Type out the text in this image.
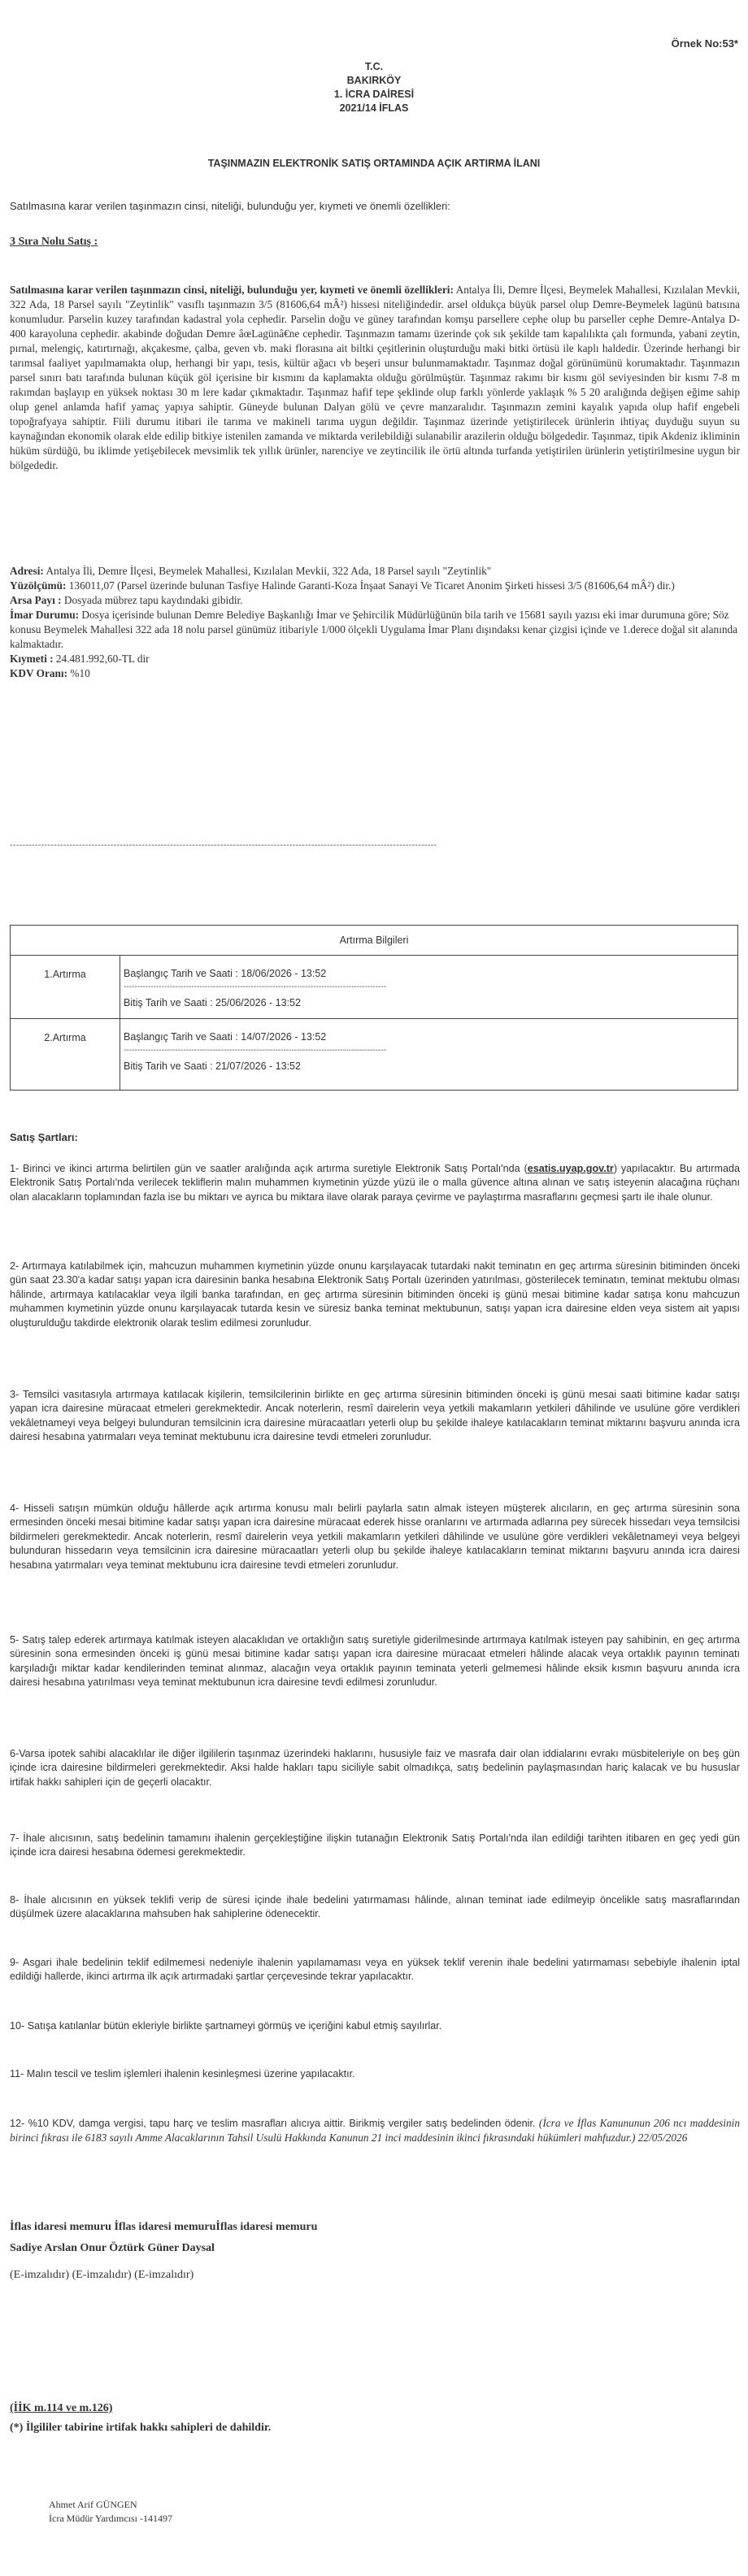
Örnek No:53*
T.C.
BAKIRKÖY
1. İCRA DAİRESİ
2021/14 İFLAS
TAŞINMAZIN ELEKTRONİK SATIŞ ORTAMINDA AÇIK ARTIRMA İLANI
Satılmasına karar verilen taşınmazın cinsi, niteliği, bulunduğu yer, kıymeti ve önemli özellikleri:
3 Sıra Nolu Satış :
Satılmasına karar verilen taşınmazın cinsi, niteliği, bulunduğu yer, kıymeti ve önemli özellikleri: Antalya İli, Demre İlçesi, Beymelek Mahallesi, Kızılalan Mevkii, 322 Ada, 18 Parsel sayılı "Zeytinlik" vasıflı taşınmazın 3/5 (81606,64 mÂ²) hissesi niteliğindedir. arsel oldukça büyük parsel olup Demre-Beymelek lagünü batısına konumludur. Parselin kuzey tarafından kadastral yola cephedir. Parselin doğu ve güney tarafından komşu parsellere cephe olup bu parseller cephe Demre-Antalya D-400 karayoluna cephedir. akabinde doğudan Demre âœLagünâ€ne cephedir. Taşınmazın tamamı üzerinde çok sık şekilde tam kapalılıkta çalı formunda, yabani zeytin, pırnal, melengiç, katırtırnağı, akçakesme, çalba, geven vb. maki florasına ait biltki çeşitlerinin oluşturduğu maki bitki örtüsü ile kaplı haldedir. Üzerinde herhangi bir tarımsal faaliyet yapılmamakta olup, herhangi bir yapı, tesis, kültür ağacı vb beşeri unsur bulunmamaktadır. Taşınmaz doğal görünümünü korumaktadır. Taşınmazın parsel sınırı batı tarafında bulunan küçük göl içerisine bir kısmını da kaplamakta olduğu görülmüştür. Taşınmaz rakımı bir kısmı göl seviyesinden bir kısmı 7-8 m rakımdan başlayıp en yüksek noktası 30 m lere kadar çıkmaktadır. Taşınmaz hafif tepe şeklinde olup farklı yönlerde yaklaşık % 5 20 aralığında değişen eğime sahip olup genel anlamda hafif yamaç yapıya sahiptir. Güneyde bulunan Dalyan gölü ve çevre manzaralıdır. Taşınmazın zemini kayalık yapıda olup hafif engebeli topoğrafyaya sahiptir. Fiili durumu itibari ile tarıma ve makineli tarıma uygun değildir. Taşınmaz üzerinde yetiştirilecek ürünlerin ihtiyaç duyduğu suyun su kaynağından ekonomik olarak elde edilip bitkiye istenilen zamanda ve miktarda verilebildiği sulanabilir arazilerin olduğu bölgededir. Taşınmaz, tipik Akdeniz ikliminin hüküm sürdüğü, bu iklimde yetişebilecek mevsimlik tek yıllık ürünler, narenciye ve zeytincilik ile örtü altında turfanda yetiştirilen ürünlerin yetiştirilmesine uygun bir bölgededir.

Adresi: Antalya İli, Demre İlçesi, Beymelek Mahallesi, Kızılalan Mevkii, 322 Ada, 18 Parsel sayılı "Zeytinlik"

Yüzölçümü: 136011,07 (Parsel üzerinde bulunan Tasfiye Halinde Garanti-Koza İnşaat Sanayi Ve Ticaret Anonim Şirketi hissesi 3/5 (81606,64 mÂ²) dir.)

Arsa Payı : Dosyada mübrez tapu kaydındaki gibidir.

İmar Durumu: Dosya içerisinde bulunan Demre Belediye Başkanlığı İmar ve Şehircilik Müdürlüğünün bila tarih ve 15681 sayılı yazısı eki imar durumuna göre; Söz konusu Beymelek Mahallesi 322 ada 18 nolu parsel günümüz itibariyle 1/000 ölçekli Uygulama İmar Planı dışındaksı kenar çizgisi içinde ve 1.derece doğal sit alanında kalmaktadır.

Kıymeti : 24.481.992,60-TL dir

KDV Oranı: %10

----------------------------------------------------------------------------------------------------------------------------------------
Artırma Bilgileri	
1.Artırma	Başlangıç Tarih ve Saati : 18/06/2026 - 13:52
-------------------------------------------------------------------------------------------------
Bitiş Tarih ve Saati : 25/06/2026 - 13:52

2.Artırma	Başlangıç Tarih ve Saati : 14/07/2026 - 13:52
-------------------------------------------------------------------------------------------------
Bitiş Tarih ve Saati : 21/07/2026 - 13:52
Satış Şartları:
1- Birinci ve ikinci artırma belirtilen gün ve saatler aralığında açık artırma suretiyle Elektronik Satış Portalı'nda (esatis.uyap.gov.tr) yapılacaktır. Bu artırmada Elektronik Satış Portalı'nda verilecek tekliflerin malın muhammen kıymetinin yüzde yüzü ile o malla güvence altına alınan ve satış isteyenin alacağına rüçhanı olan alacakların toplamından fazla ise bu miktarı ve ayrıca bu miktara ilave olarak paraya çevirme ve paylaştırma masraflarını geçmesi şartı ile ihale olunur.
2- Artırmaya katılabilmek için, mahcuzun muhammen kıymetinin yüzde onunu karşılayacak tutardaki nakit teminatın en geç artırma süresinin bitiminden önceki gün saat 23.30'a kadar satışı yapan icra dairesinin banka hesabına Elektronik Satış Portalı üzerinden yatırılması, gösterilecek teminatın, teminat mektubu olması hâlinde, artırmaya katılacaklar veya ilgili banka tarafından, en geç artırma süresinin bitiminden önceki iş günü mesai bitimine kadar satışa konu mahcuzun muhammen kıymetinin yüzde onunu karşılayacak tutarda kesin ve süresiz banka teminat mektubunun, satışı yapan icra dairesine elden veya sistem ait yapısı oluşturulduğu takdirde elektronik olarak teslim edilmesi zorunludur.
3- Temsilci vasıtasıyla artırmaya katılacak kişilerin, temsilcilerinin birlikte en geç artırma süresinin bitiminden önceki iş günü mesai saati bitimine kadar satışı yapan icra dairesine müracaat etmeleri gerekmektedir. Ancak noterlerin, resmî dairelerin veya yetkili makamların yetkileri dâhilinde ve usulüne göre verdikleri vekâletnameyi veya belgeyi bulunduran temsilcinin icra dairesine müracaatları yeterli olup bu şekilde ihaleye katılacakların teminat miktarını başvuru anında icra dairesi hesabına yatırmaları veya teminat mektubunu icra dairesine tevdi etmeleri zorunludur.
4- Hisseli satışın mümkün olduğu hâllerde açık artırma konusu malı belirli paylarla satın almak isteyen müşterek alıcıların, en geç artırma süresinin sona ermesinden önceki mesai bitimine kadar satışı yapan icra dairesine müracaat ederek hisse oranlarını ve artırmada adlarına pey sürecek hissedarı veya temsilcisi bildirmeleri gerekmektedir. Ancak noterlerin, resmî dairelerin veya yetkili makamların yetkileri dâhilinde ve usulüne göre verdikleri vekâletnameyi veya belgeyi bulunduran hissedarın veya temsilcinin icra dairesine müracaatları yeterli olup bu şekilde ihaleye katılacakların teminat miktarını başvuru anında icra dairesi hesabına yatırmaları veya teminat mektubunu icra dairesine tevdi etmeleri zorunludur.
5- Satış talep ederek artırmaya katılmak isteyen alacaklıdan ve ortaklığın satış suretiyle giderilmesinde artırmaya katılmak isteyen pay sahibinin, en geç artırma süresinin sona ermesinden önceki iş günü mesai bitimine kadar satışı yapan icra dairesine müracaat etmeleri hâlinde alacak veya ortaklık payının teminatı karşıladığı miktar kadar kendilerinden teminat alınmaz, alacağın veya ortaklık payının teminata yeterli gelmemesi hâlinde eksik kısmın başvuru anında icra dairesi hesabına yatırılması veya teminat mektubunun icra dairesine tevdi edilmesi zorunludur.
6-Varsa ipotek sahibi alacaklılar ile diğer ilgililerin taşınmaz üzerindeki haklarını, hususiyle faiz ve masrafa dair olan iddialarını evrakı müsbiteleriyle on beş gün içinde icra dairesine bildirmeleri gerekmektedir. Aksi halde hakları tapu siciliyle sabit olmadıkça, satış bedelinin paylaşmasından hariç kalacak ve bu hususlar irtifak hakkı sahipleri için de geçerli olacaktır.
7- İhale alıcısının, satış bedelinin tamamını ihalenin gerçekleştiğine ilişkin tutanağın Elektronik Satış Portalı'nda ilan edildiği tarihten itibaren en geç yedi gün içinde icra dairesi hesabına ödemesi gerekmektedir.
8- İhale alıcısının en yüksek teklifi verip de süresi içinde ihale bedelini yatırmaması hâlinde, alınan teminat iade edilmeyip öncelikle satış masraflarından düşülmek üzere alacaklarına mahsuben hak sahiplerine ödenecektir.
9- Asgari ihale bedelinin teklif edilmemesi nedeniyle ihalenin yapılamaması veya en yüksek teklif verenin ihale bedelini yatırmaması sebebiyle ihalenin iptal edildiği hallerde, ikinci artırma ilk açık artırmadaki şartlar çerçevesinde tekrar yapılacaktır.
10- Satışa katılanlar bütün ekleriyle birlikte şartnameyi görmüş ve içeriğini kabul etmiş sayılırlar.
11- Malın tescil ve teslim işlemleri ihalenin kesinleşmesi üzerine yapılacaktır.
12- %10 KDV, damga vergisi, tapu harç ve teslim masrafları alıcıya aittir. Birikmiş vergiler satış bedelinden ödenir. (İcra ve İflas Kanununun 206 ncı maddesinin birinci fıkrası ile 6183 sayılı Amme Alacaklarının Tahsil Usulü Hakkında Kanunun 21 inci maddesinin ikinci fıkrasındaki hükümleri mahfuzdur.) 22/05/2026
İflas idaresi memuru İflas idaresi memuruİflas idaresi memuru
Sadiye Arslan Onur Öztürk Güner Daysal
(E-imzalıdır) (E-imzalıdır) (E-imzalıdır)
(İİK m.114 ve m.126)
(*) İlgililer tabirine irtifak hakkı sahipleri de dahildir.
Ahmet Arif GÜNGEN
İcra Müdür Yardımcısı -141497
